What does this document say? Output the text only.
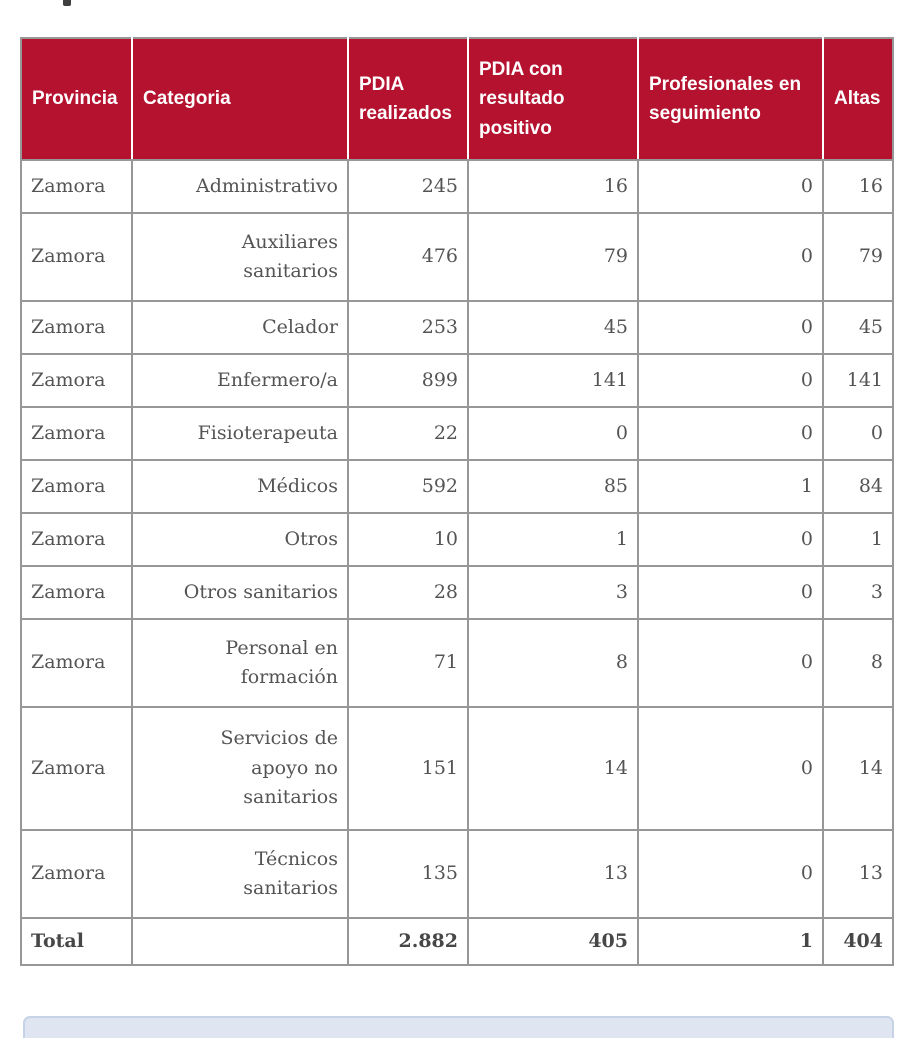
Provincia	Categoria	PDIA realizados	PDIA con resultado positivo	Profesionales en seguimiento	Altas
Zamora	Administrativo	245	16	0	16
Zamora	Auxiliares sanitarios	476	79	0	79
Zamora	Celador	253	45	0	45
Zamora	Enfermero/a	899	141	0	141
Zamora	Fisioterapeuta	22	0	0	0
Zamora	Médicos	592	85	1	84
Zamora	Otros	10	1	0	1
Zamora	Otros sanitarios	28	3	0	3
Zamora	Personal en formación	71	8	0	8
Zamora	Servicios de apoyo no sanitarios	151	14	0	14
Zamora	Técnicos sanitarios	135	13	0	13
Total		2.882	405	1	404
